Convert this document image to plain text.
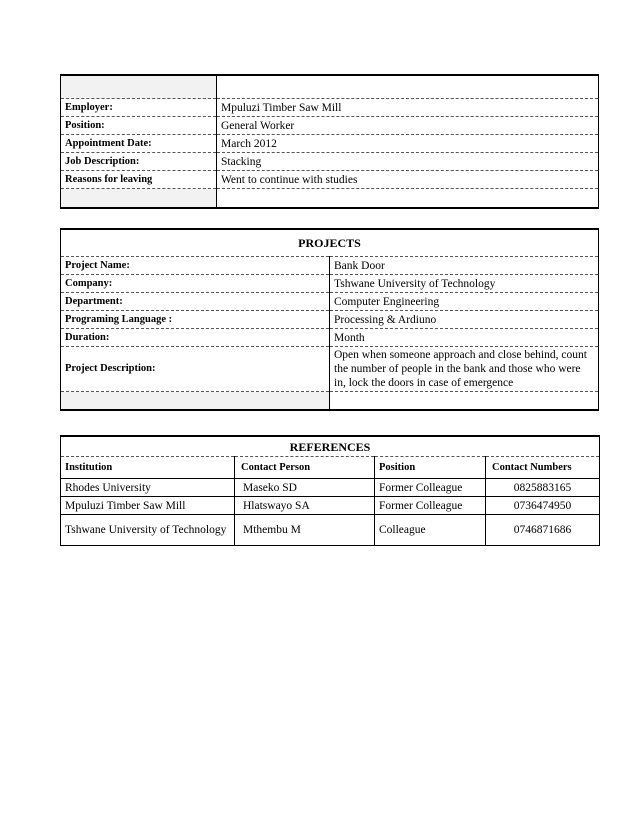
Employer:	Mpuluzi Timber Saw Mill
Position:	General Worker
Appointment Date:	March 2012
Job Description:	Stacking
Reasons for leaving	Went to continue with studies

PROJECTS	
Project Name:	Bank Door
Company:	Tshwane University of Technology
Department:	Computer Engineering
Programing Language :	Processing & Ardiuno
Duration:	Month
Project Description:	Open when someone approach and close behind, count the number of people in the bank and those who were in, lock the doors in case of emergence

REFERENCES			
Institution	Contact Person	Position	Contact Numbers
Rhodes University	Maseko SD	Former Colleague	0825883165
Mpuluzi Timber Saw Mill	Hlatswayo SA	Former Colleague	0736474950
Tshwane University of Technology	Mthembu M	Colleague	0746871686
